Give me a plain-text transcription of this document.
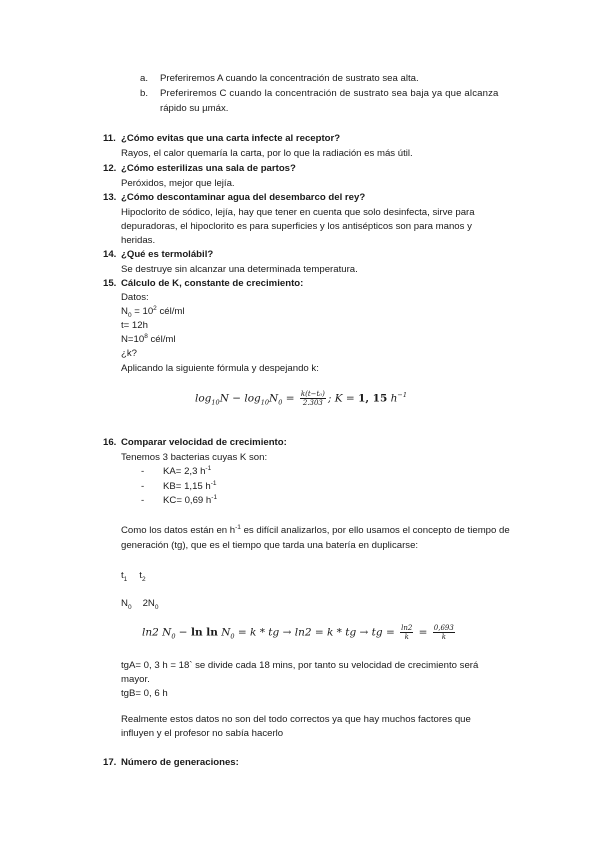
a. Preferiremos A cuando la concentración de sustrato sea alta.
b. Preferiremos C cuando la concentración de sustrato sea baja ya que alcanza
rápido su µmáx.
11. ¿Cómo evitas que una carta infecte al receptor?
Rayos, el calor quemaría la carta, por lo que la radiación es más útil.
12. ¿Cómo esterilizas una sala de partos?
Peróxidos, mejor que lejía.
13. ¿Cómo descontaminar agua del desembarco del rey?
Hipoclorito de sódico, lejía, hay que tener en cuenta que solo desinfecta, sirve para
depuradoras, el hipoclorito es para superficies y los antisépticos son para manos y
heridas.
14. ¿Qué es termolábil?
Se destruye sin alcanzar una determinada temperatura.
15. Cálculo de K, constante de crecimiento:
Datos:
$N_0 = 10^2$ cél/ml
t= 12h
$N=10^8$ cél/ml
¿k?
Aplicando la siguiente fórmula y despejando k:
$\log_{10}N - \log_{10}N_0 = \frac{\text{k(t−t₀)}}{2.303}$ ; K = 1, 15 $h^{-1}$
16. Comparar velocidad de crecimiento:
Tenemos 3 bacterias cuyas K son:
- KA= 2,3 $h^{-1}$
- KB= 1,15 $h^{-1}$
- KC= 0,69 $h^{-1}$
Como los datos están en $h^{-1}$ es difícil analizarlos, por ello usamos el concepto de tiempo de
generación (tg), que es el tiempo que tarda una batería en duplicarse:
$t_1$ $t_2$
$N_0$ $2N_0$
ln2 $N_0 - \ln \ln N_0 = k$ * tg → ln2 = k * tg → tg = $\frac{\ln 2}{k} = \frac{0,693}{k}$
tgA= 0, 3 h = 18` se divide cada 18 mins, por tanto su velocidad de crecimiento será
mayor.
tgB= 0, 6 h
Realmente estos datos no son del todo correctos ya que hay muchos factores que
influyen y el profesor no sabía hacerlo
17. Número de generaciones:
